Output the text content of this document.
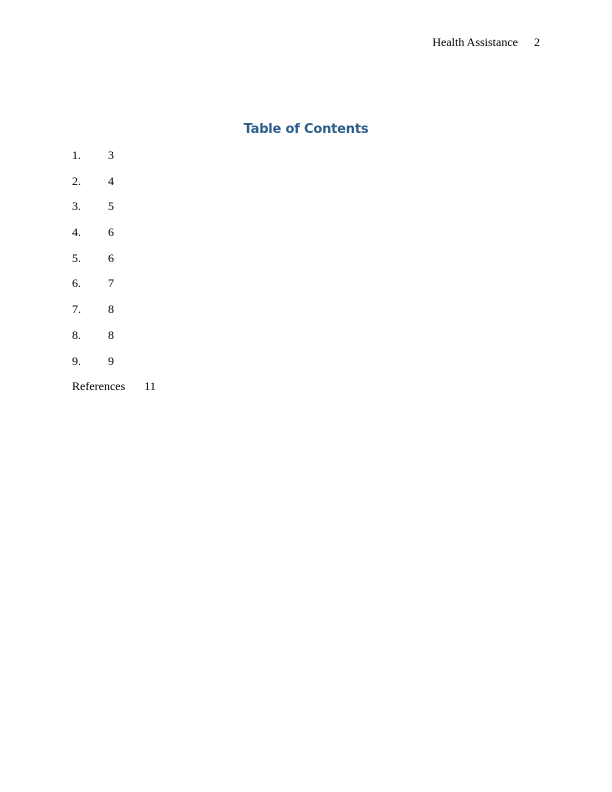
Health Assistance 2
Table of Contents
1. 3
2. 4
3. 5
4. 6
5. 6
6. 7
7. 8
8. 8
9. 9
References 11
